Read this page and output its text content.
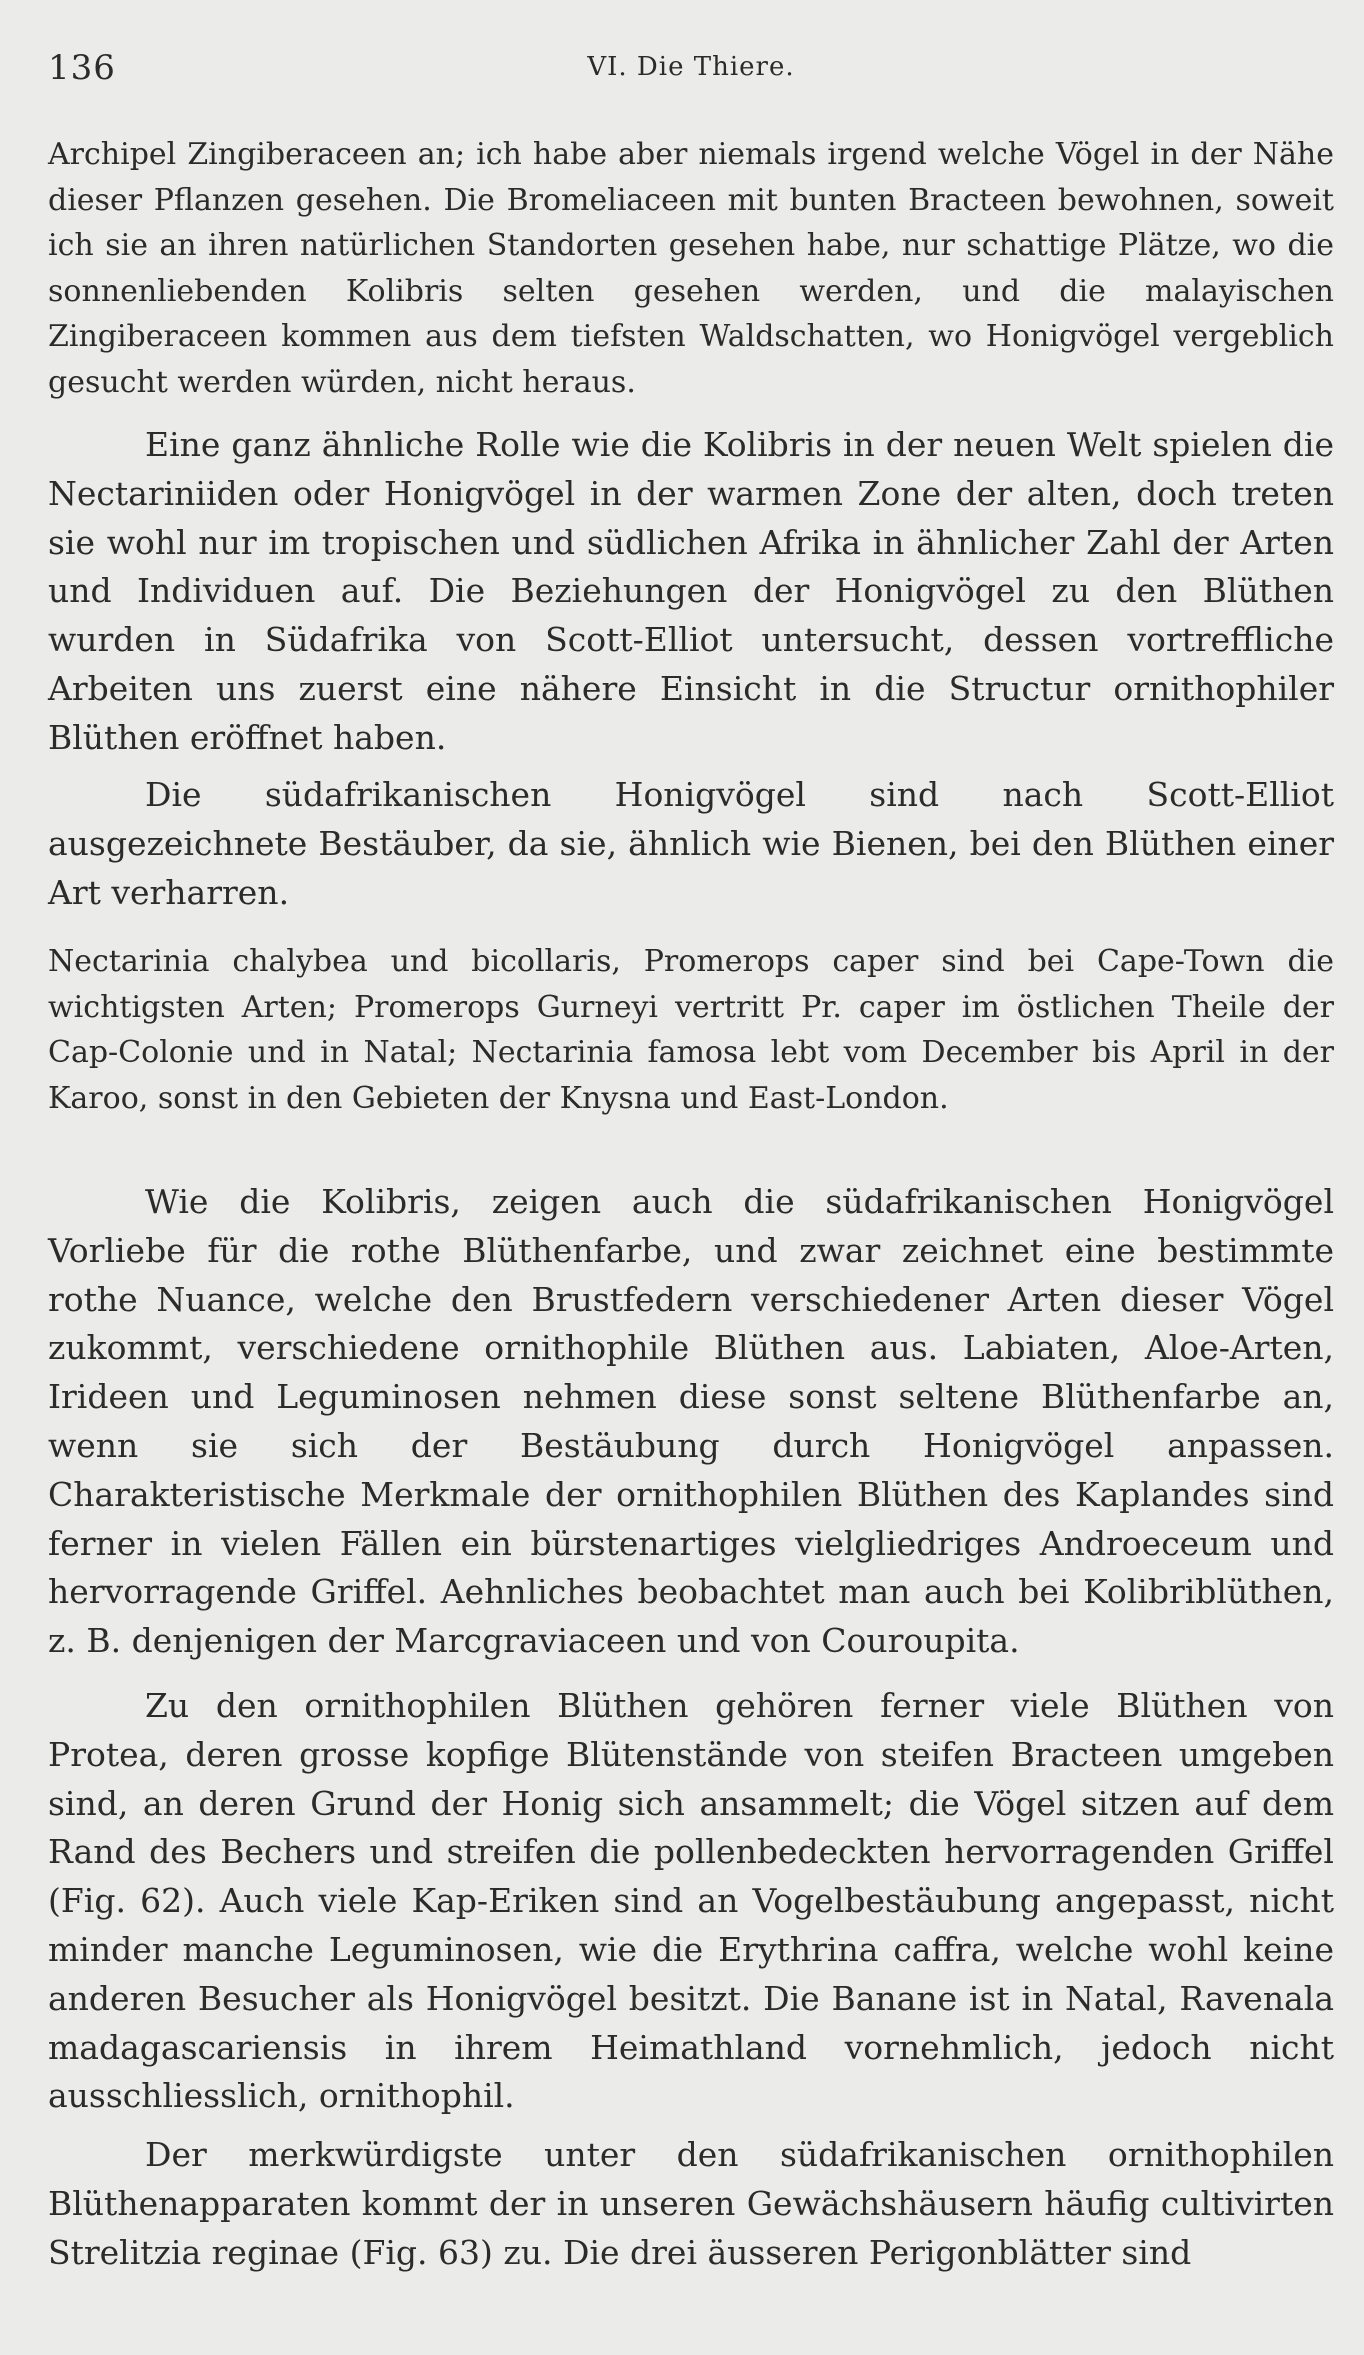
136	VI. Die Thiere.

Archipel Zingiberaceen an; ich habe aber niemals irgend welche Vögel in der Nähe dieser Pflanzen gesehen. Die Bromeliaceen mit bunten Bracteen bewohnen, soweit ich sie an ihren natürlichen Standorten gesehen habe, nur schattige Plätze, wo die sonnenliebenden Kolibris selten gesehen werden, und die malayischen Zingiberaceen kommen aus dem tiefsten Waldschatten, wo Honigvögel vergeblich gesucht werden würden, nicht heraus.

Eine ganz ähnliche Rolle wie die Kolibris in der neuen Welt spielen die Nectariniiden oder Honigvögel in der warmen Zone der alten, doch treten sie wohl nur im tropischen und südlichen Afrika in ähnlicher Zahl der Arten und Individuen auf. Die Beziehungen der Honigvögel zu den Blüthen wurden in Südafrika von Scott-Elliot untersucht, dessen vortreffliche Arbeiten uns zuerst eine nähere Einsicht in die Structur ornithophiler Blüthen eröffnet haben.

Die südafrikanischen Honigvögel sind nach Scott-Elliot ausgezeichnete Bestäuber, da sie, ähnlich wie Bienen, bei den Blüthen einer Art verharren.

Nectarinia chalybea und bicollaris, Promerops caper sind bei Cape-Town die wichtigsten Arten; Promerops Gurneyi vertritt Pr. caper im östlichen Theile der Cap-Colonie und in Natal; Nectarinia famosa lebt vom December bis April in der Karoo, sonst in den Gebieten der Knysna und East-London.

Wie die Kolibris, zeigen auch die südafrikanischen Honigvögel Vorliebe für die rothe Blüthenfarbe, und zwar zeichnet eine bestimmte rothe Nuance, welche den Brustfedern verschiedener Arten dieser Vögel zukommt, verschiedene ornithophile Blüthen aus. Labiaten, Aloe-Arten, Irideen und Leguminosen nehmen diese sonst seltene Blüthenfarbe an, wenn sie sich der Bestäubung durch Honigvögel anpassen. Charakteristische Merkmale der ornithophilen Blüthen des Kaplandes sind ferner in vielen Fällen ein bürstenartiges vielgliedriges Androeceum und hervorragende Griffel. Aehnliches beobachtet man auch bei Kolibriblüthen, z. B. denjenigen der Marcgraviaceen und von Couroupita.

Zu den ornithophilen Blüthen gehören ferner viele Blüthen von Protea, deren grosse kopfige Blütenstände von steifen Bracteen umgeben sind, an deren Grund der Honig sich ansammelt; die Vögel sitzen auf dem Rand des Bechers und streifen die pollenbedeckten hervorragenden Griffel (Fig. 62). Auch viele Kap-Eriken sind an Vogelbestäubung angepasst, nicht minder manche Leguminosen, wie die Erythrina caffra, welche wohl keine anderen Besucher als Honigvögel besitzt. Die Banane ist in Natal, Ravenala madagascariensis in ihrem Heimathland vornehmlich, jedoch nicht ausschliesslich, ornithophil.

Der merkwürdigste unter den südafrikanischen ornithophilen Blüthenapparaten kommt der in unseren Gewächshäusern häufig cultivirten Strelitzia reginae (Fig. 63) zu. Die drei äusseren Perigonblätter sind
